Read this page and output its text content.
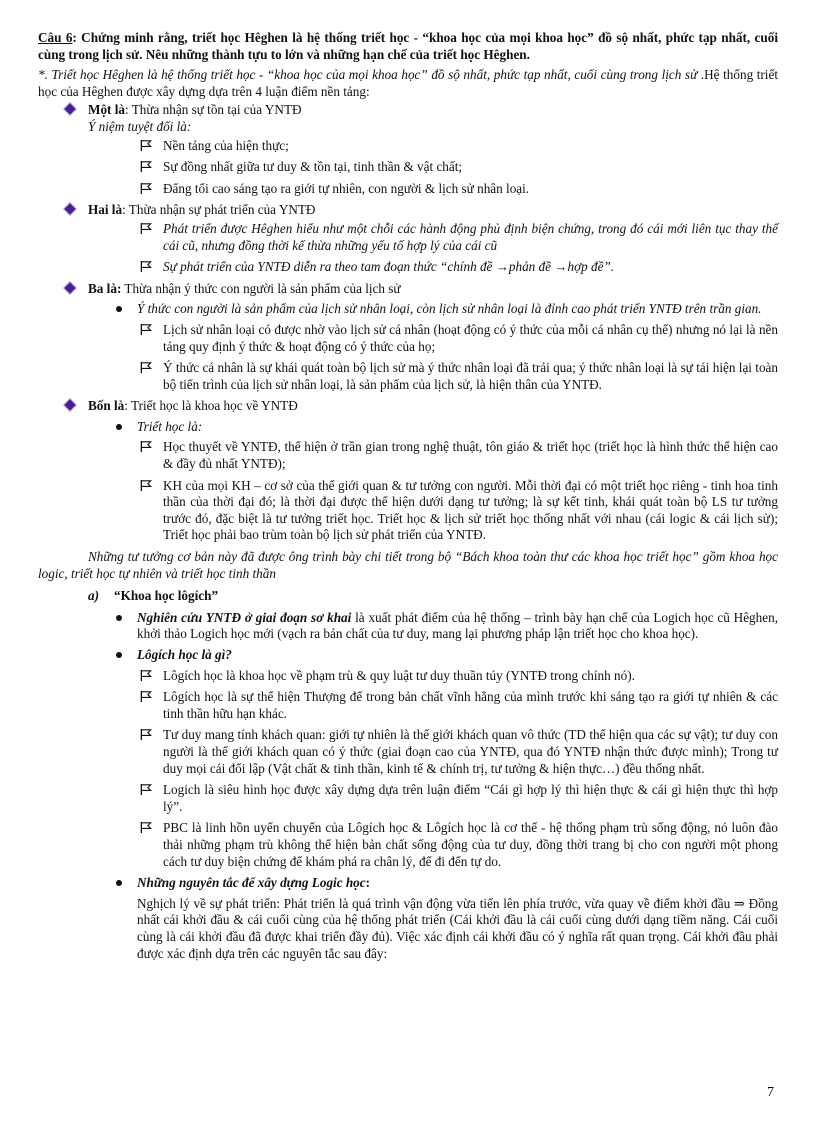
Câu 6: Chứng minh rằng, triết học Hêghen là hệ thống triết học - “khoa học của mọi khoa học” đồ sộ nhất, phức tạp nhất, cuối cùng trong lịch sử. Nêu những thành tựu to lớn và những hạn chế của triết học Hêghen.
*. Triết học Hêghen là hệ thống triết học - “khoa học của mọi khoa học” đồ sộ nhất, phức tạp nhất, cuối cùng trong lịch sử .Hệ thống triết học của Hêghen được xây dựng dựa trên 4 luận điểm nền tảng:
Một là: Thừa nhận sự tồn tại của YNTĐ
Ý niệm tuyệt đối là:
Nền tảng của hiện thực;
Sự đồng nhất giữa tư duy & tồn tại, tinh thần & vật chất;
Đẩng tối cao sáng tạo ra giới tự nhiên, con người & lịch sử nhân loại.
Hai là: Thừa nhận sự phát triển của YNTĐ
Phát triển được Hêghen hiểu như một chỗi các hành động phủ định biện chứng, trong đó cái mới liên tục thay thế cái cũ, nhưng đồng thời kế thừa những yếu tố hợp lý của cái cũ
Sự phát triển của YNTĐ diễn ra theo tam đoạn thức “chính đề →phản đề →hợp đề”.
Ba là: Thừa nhận ý thức con người là sản phẩm của lịch sử
Ý thức con người là sản phẩm của lịch sử nhân loại, còn lịch sử nhân loại là đỉnh cao phát triển YNTĐ trên trần gian.
Lịch sử nhân loại có được nhờ vào lịch sử cá nhân (hoạt động có ý thức của mỗi cá nhân cụ thể) nhưng nó lại là nền tảng quy định ý thức & hoạt động có ý thức của họ;
Ý thức cá nhân là sự khái quát toàn bộ lịch sử mà ý thức nhân loại đã trải qua; ý thức nhân loại là sự tái hiện lại toàn bộ tiến trình của lịch sử nhân loại, là sản phẩm của lịch sử, là hiện thân của YNTĐ.
Bốn là: Triết học là khoa học về YNTĐ
Triết học là:
Học thuyết về YNTĐ, thể hiện ở trần gian trong nghệ thuật, tôn giáo & triết học (triết học là hình thức thể hiện cao & đầy đủ nhất YNTĐ);
KH của mọi KH – cơ sở của thế giới quan & tư tưởng con người. Mỗi thời đại có một triết học riêng - tinh hoa tinh thần của thời đại đó; là thời đại được thể hiện dưới dạng tư tưởng; là sự kết tinh, khái quát toàn bộ LS tư tưởng trước đó, đặc biệt là tư tưởng triết học. Triết học & lịch sử triết học thống nhất với nhau (cái logic & cái lịch sử); Triết học phải bao trùm toàn bộ lịch sử phát triển của YNTĐ.
Những tư tưởng cơ bản này đã được ông trình bày chi tiết trong bộ “Bách khoa toàn thư các khoa học triết học” gồm khoa học logic, triết học tự nhiên và triết học tinh thần
a) “Khoa học lôgích”
Nghiên cứu YNTĐ ở giai đoạn sơ khai là xuất phát điểm của hệ thống – trình bày hạn chế của Logich học cũ Hêghen, khởi thảo Logich học mới (vạch ra bản chất của tư duy, mang lại phương pháp lận triết học cho khoa học).
Lôgích học là gì?
Lôgích học là khoa học về phạm trù & quy luật tư duy thuần túy (YNTĐ trong chính nó).
Lôgích học là sự thể hiện Thượng đế trong bản chất vĩnh hằng của mình trước khi sáng tạo ra giới tự nhiên & các tinh thần hữu hạn khác.
Tư duy mang tính khách quan: giới tự nhiên là thế giới khách quan vô thức (TD thể hiện qua các sự vật); tư duy con người là thế giới khách quan có ý thức (giai đoạn cao của YNTĐ, qua đó YNTĐ nhận thức được mình); Trong tư duy mọi cái đối lập (Vật chất & tinh thần, kinh tế & chính trị, tư tưởng & hiện thực…) đều thống nhất.
Logich là siêu hình học được xây dựng dựa trên luận điểm “Cái gì hợp lý thì hiện thực & cái gì hiện thực thì hợp lý”.
PBC là linh hồn uyển chuyển của Lôgích học & Lôgích học là cơ thể - hệ thống phạm trù sống động, nó luôn đào thải những phạm trù không thể hiện bản chất sống động của tư duy, đồng thời trang bị cho con người một phong cách tư duy biện chứng để khám phá ra chân lý, để đi đến tự do.
Những nguyên tắc để xây dựng Logic học:
Nghịch lý về sự phát triển: Phát triển là quá trình vận động vừa tiến lên phía trước, vừa quay về điểm khởi đầu ⇒ Đồng nhất cái khởi đầu & cái cuối cùng của hệ thống phát triển (Cái khởi đầu là cái cuối cùng dưới dạng tiềm năng. Cái cuối cùng là cái khởi đầu đã được khai triển đầy đủ). Việc xác định cái khởi đầu có ý nghĩa rất quan trọng. Cái khởi đầu phải được xác định dựa trên các nguyên tắc sau đây:
7
